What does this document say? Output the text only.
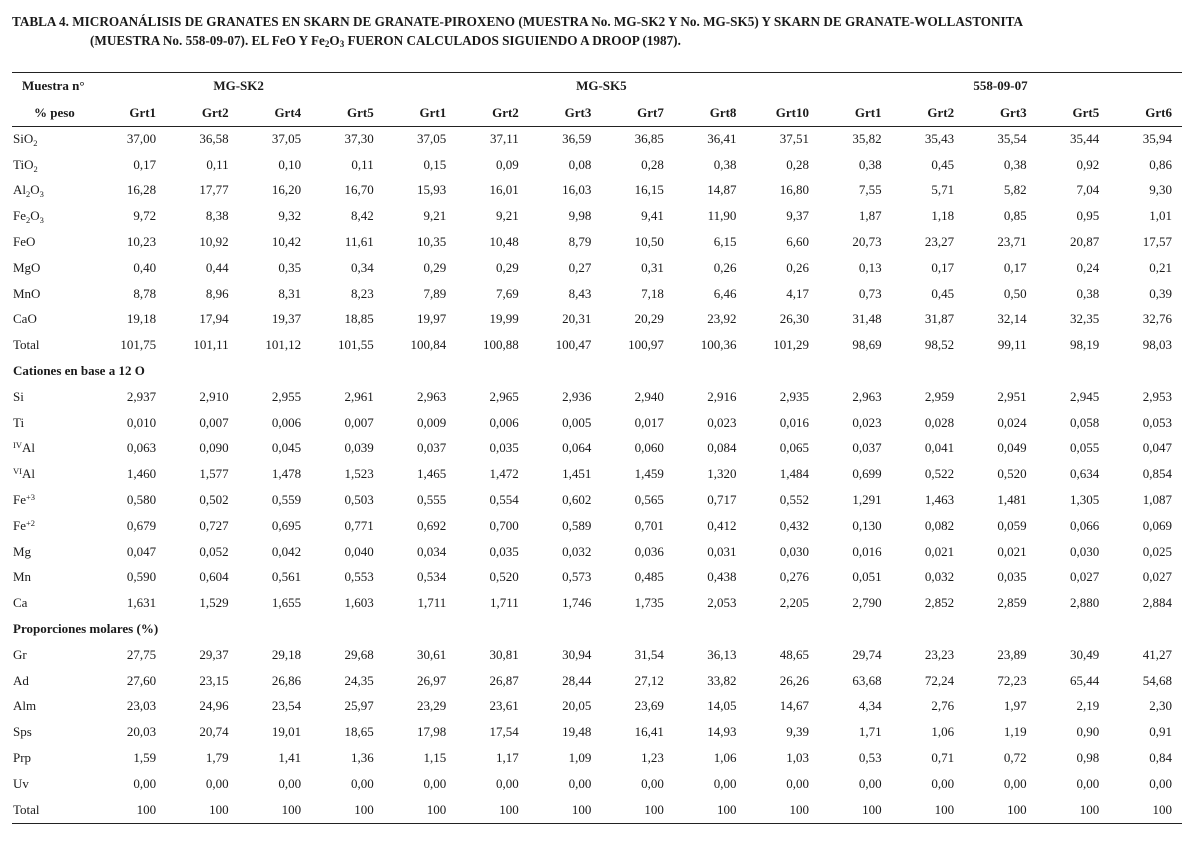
TABLA 4. MICROANÁLISIS DE GRANATES EN SKARN DE GRANATE-PIROXENO (MUESTRA No. MG-SK2 Y No. MG-SK5) Y SKARN DE GRANATE-WOLLASTONITA
(MUESTRA No. 558-09-07). EL FeO Y $Fe_2O_3$ FUERON CALCULADOS SIGUIENDO A DROOP (1987).
Muestra n°	MG-SK2				MG-SK5						558-09-07				
% peso	Grt1	Grt2	Grt4	Grt5	Grt1	Grt2	Grt3	Grt7	Grt8	Grt10	Grt1	Grt2	Grt3	Grt5	Grt6
SiO$_2$	37,00	36,58	37,05	37,30	37,05	37,11	36,59	36,85	36,41	37,51	35,82	35,43	35,54	35,44	35,94
TiO$_2$	0,17	0,11	0,10	0,11	0,15	0,09	0,08	0,28	0,38	0,28	0,38	0,45	0,38	0,92	0,86
$Al_2O_3$	16,28	17,77	16,20	16,70	15,93	16,01	16,03	16,15	14,87	16,80	7,55	5,71	5,82	7,04	9,30
$Fe_2O_3$	9,72	8,38	9,32	8,42	9,21	9,21	9,98	9,41	11,90	9,37	1,87	1,18	0,85	0,95	1,01
FeO	10,23	10,92	10,42	11,61	10,35	10,48	8,79	10,50	6,15	6,60	20,73	23,27	23,71	20,87	17,57
MgO	0,40	0,44	0,35	0,34	0,29	0,29	0,27	0,31	0,26	0,26	0,13	0,17	0,17	0,24	0,21
MnO	8,78	8,96	8,31	8,23	7,89	7,69	8,43	7,18	6,46	4,17	0,73	0,45	0,50	0,38	0,39
CaO	19,18	17,94	19,37	18,85	19,97	19,99	20,31	20,29	23,92	26,30	31,48	31,87	32,14	32,35	32,76
Total	101,75	101,11	101,12	101,55	100,84	100,88	100,47	100,97	100,36	101,29	98,69	98,52	99,11	98,19	98,03
Cationes en base a 12 O															
Si	2,937	2,910	2,955	2,961	2,963	2,965	2,936	2,940	2,916	2,935	2,963	2,959	2,951	2,945	2,953
Ti	0,010	0,007	0,006	0,007	0,009	0,006	0,005	0,017	0,023	0,016	0,023	0,028	0,024	0,058	0,053
$^{IV}$Al	0,063	0,090	0,045	0,039	0,037	0,035	0,064	0,060	0,084	0,065	0,037	0,041	0,049	0,055	0,047
$^{VI}$Al	1,460	1,577	1,478	1,523	1,465	1,472	1,451	1,459	1,320	1,484	0,699	0,522	0,520	0,634	0,854
$Fe^{+3}$	0,580	0,502	0,559	0,503	0,555	0,554	0,602	0,565	0,717	0,552	1,291	1,463	1,481	1,305	1,087
$Fe^{+2}$	0,679	0,727	0,695	0,771	0,692	0,700	0,589	0,701	0,412	0,432	0,130	0,082	0,059	0,066	0,069
Mg	0,047	0,052	0,042	0,040	0,034	0,035	0,032	0,036	0,031	0,030	0,016	0,021	0,021	0,030	0,025
Mn	0,590	0,604	0,561	0,553	0,534	0,520	0,573	0,485	0,438	0,276	0,051	0,032	0,035	0,027	0,027
Ca	1,631	1,529	1,655	1,603	1,711	1,711	1,746	1,735	2,053	2,205	2,790	2,852	2,859	2,880	2,884
Proporciones molares (%)															
Gr	27,75	29,37	29,18	29,68	30,61	30,81	30,94	31,54	36,13	48,65	29,74	23,23	23,89	30,49	41,27
Ad	27,60	23,15	26,86	24,35	26,97	26,87	28,44	27,12	33,82	26,26	63,68	72,24	72,23	65,44	54,68
Alm	23,03	24,96	23,54	25,97	23,29	23,61	20,05	23,69	14,05	14,67	4,34	2,76	1,97	2,19	2,30
Sps	20,03	20,74	19,01	18,65	17,98	17,54	19,48	16,41	14,93	9,39	1,71	1,06	1,19	0,90	0,91
Prp	1,59	1,79	1,41	1,36	1,15	1,17	1,09	1,23	1,06	1,03	0,53	0,71	0,72	0,98	0,84
Uv	0,00	0,00	0,00	0,00	0,00	0,00	0,00	0,00	0,00	0,00	0,00	0,00	0,00	0,00	0,00
Total	100	100	100	100	100	100	100	100	100	100	100	100	100	100	100
